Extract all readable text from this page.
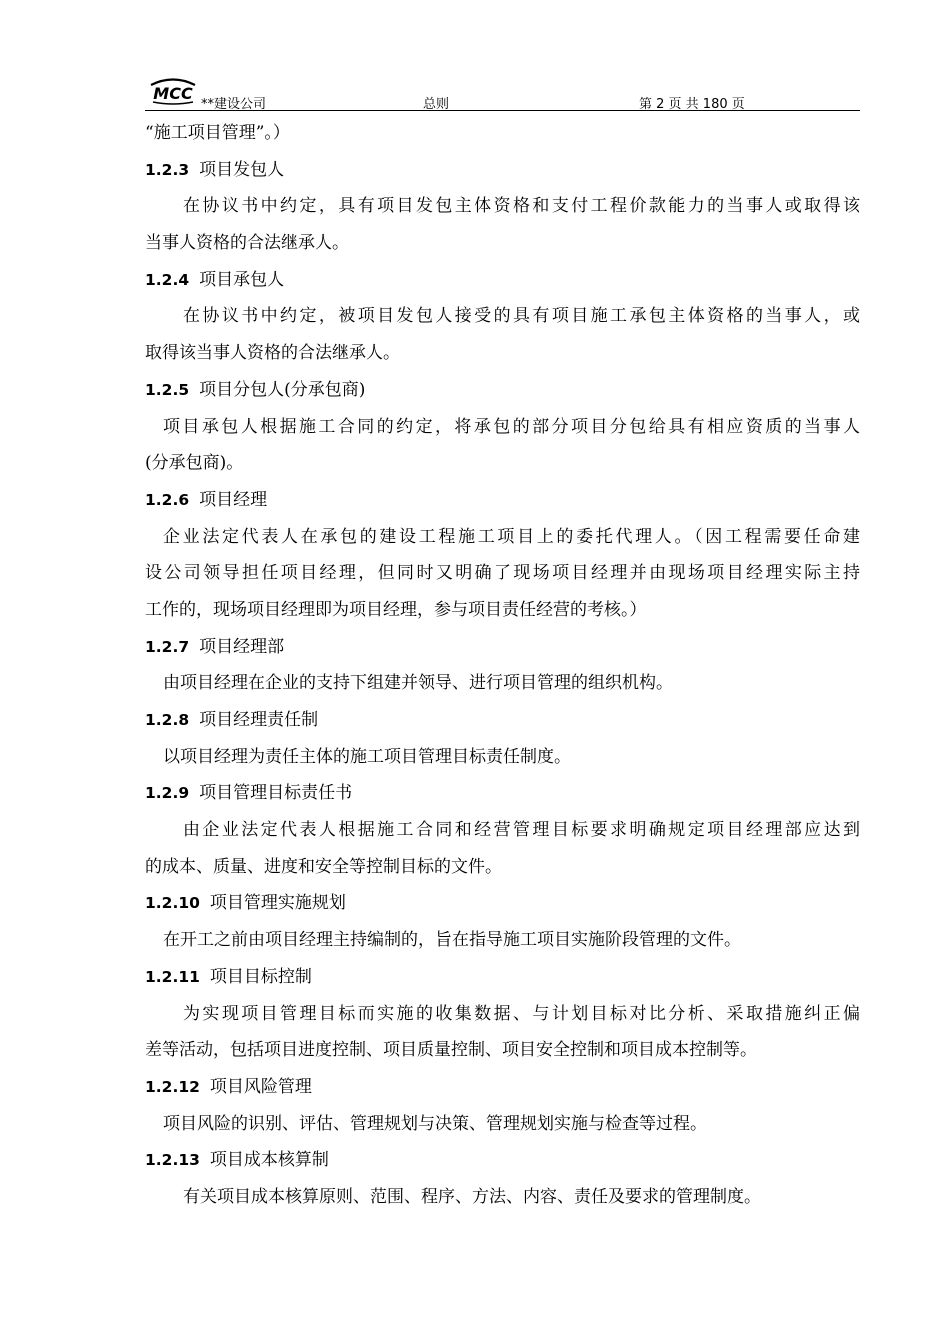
MCC
**建设公司	总则	第 2 页 共 180 页
“施工项目管理”。）
1.2.3 项目发包人
在协议书中约定，具有项目发包主体资格和支付工程价款能力的当事人或取得该
当事人资格的合法继承人。
1.2.4 项目承包人
在协议书中约定，被项目发包人接受的具有项目施工承包主体资格的当事人，或
取得该当事人资格的合法继承人。
1.2.5 项目分包人(分承包商)
项目承包人根据施工合同的约定，将承包的部分项目分包给具有相应资质的当事人
(分承包商)。
1.2.6 项目经理
企业法定代表人在承包的建设工程施工项目上的委托代理人。（因工程需要任命建
设公司领导担任项目经理，但同时又明确了现场项目经理并由现场项目经理实际主持
工作的，现场项目经理即为项目经理，参与项目责任经营的考核。）
1.2.7 项目经理部
由项目经理在企业的支持下组建并领导、进行项目管理的组织机构。
1.2.8 项目经理责任制
以项目经理为责任主体的施工项目管理目标责任制度。
1.2.9 项目管理目标责任书
由企业法定代表人根据施工合同和经营管理目标要求明确规定项目经理部应达到
的成本、质量、进度和安全等控制目标的文件。
1.2.10 项目管理实施规划
在开工之前由项目经理主持编制的，旨在指导施工项目实施阶段管理的文件。
1.2.11 项目目标控制
为实现项目管理目标而实施的收集数据、与计划目标对比分析、采取措施纠正偏
差等活动，包括项目进度控制、项目质量控制、项目安全控制和项目成本控制等。
1.2.12 项目风险管理
项目风险的识别、评估、管理规划与决策、管理规划实施与检查等过程。
1.2.13 项目成本核算制
有关项目成本核算原则、范围、程序、方法、内容、责任及要求的管理制度。
